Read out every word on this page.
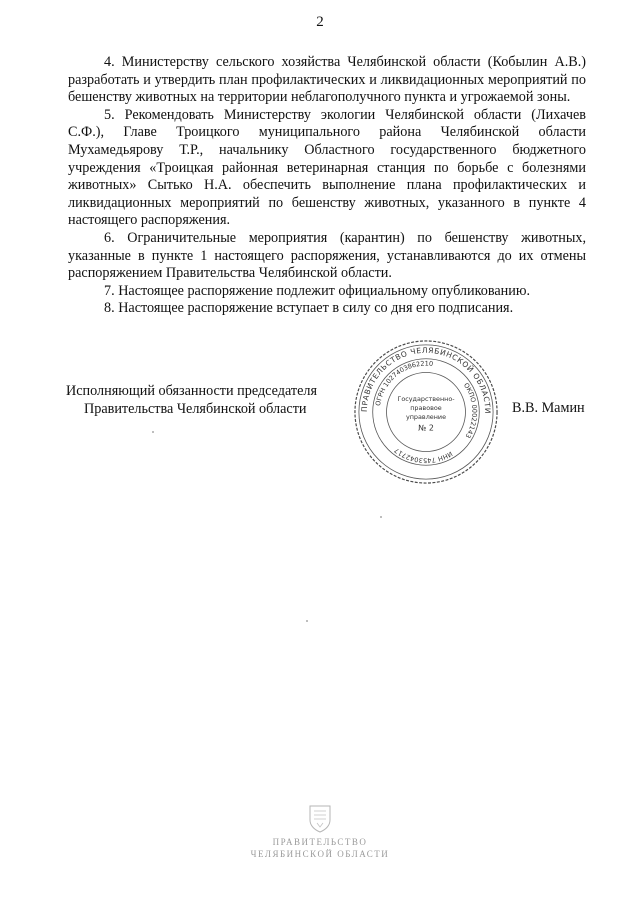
2

4. Министерству сельского хозяйства Челябинской области (Кобылин А.В.) разработать и утвердить план профилактических и ликвидационных мероприятий по бешенству животных на территории неблагополучного пункта и угрожаемой зоны.

5. Рекомендовать Министерству экологии Челябинской области (Лихачев С.Ф.), Главе Троицкого муниципального района Челябинской области Мухамедьярову Т.Р., начальнику Областного государственного бюджетного учреждения «Троицкая районная ветеринарная станция по борьбе с болезнями животных» Сытько Н.А. обеспечить выполнение плана профилактических и ликвидационных мероприятий по бешенству животных, указанного в пункте 4 настоящего распоряжения.

6. Ограничительные мероприятия (карантин) по бешенству животных, указанные в пункте 1 настоящего распоряжения, устанавливаются до их отмены распоряжением Правительства Челябинской области.

7. Настоящее распоряжение подлежит официальному опубликованию.

8. Настоящее распоряжение вступает в силу со дня его подписания.

Исполняющий обязанности председателя
Правительства Челябинской области	ПРАВИТЕЛЬСТВО ЧЕЛЯБИНСКОЙ ОБЛАСТИ
ОГРН 1027403862210
ОКПО 00022143
ИНН 7453042717
Государственно-
правовое
управление
№ 2
В.В. Мамин
ПРАВИТЕЛЬСТВО
ЧЕЛЯБИНСКОЙ ОБЛАСТИ
